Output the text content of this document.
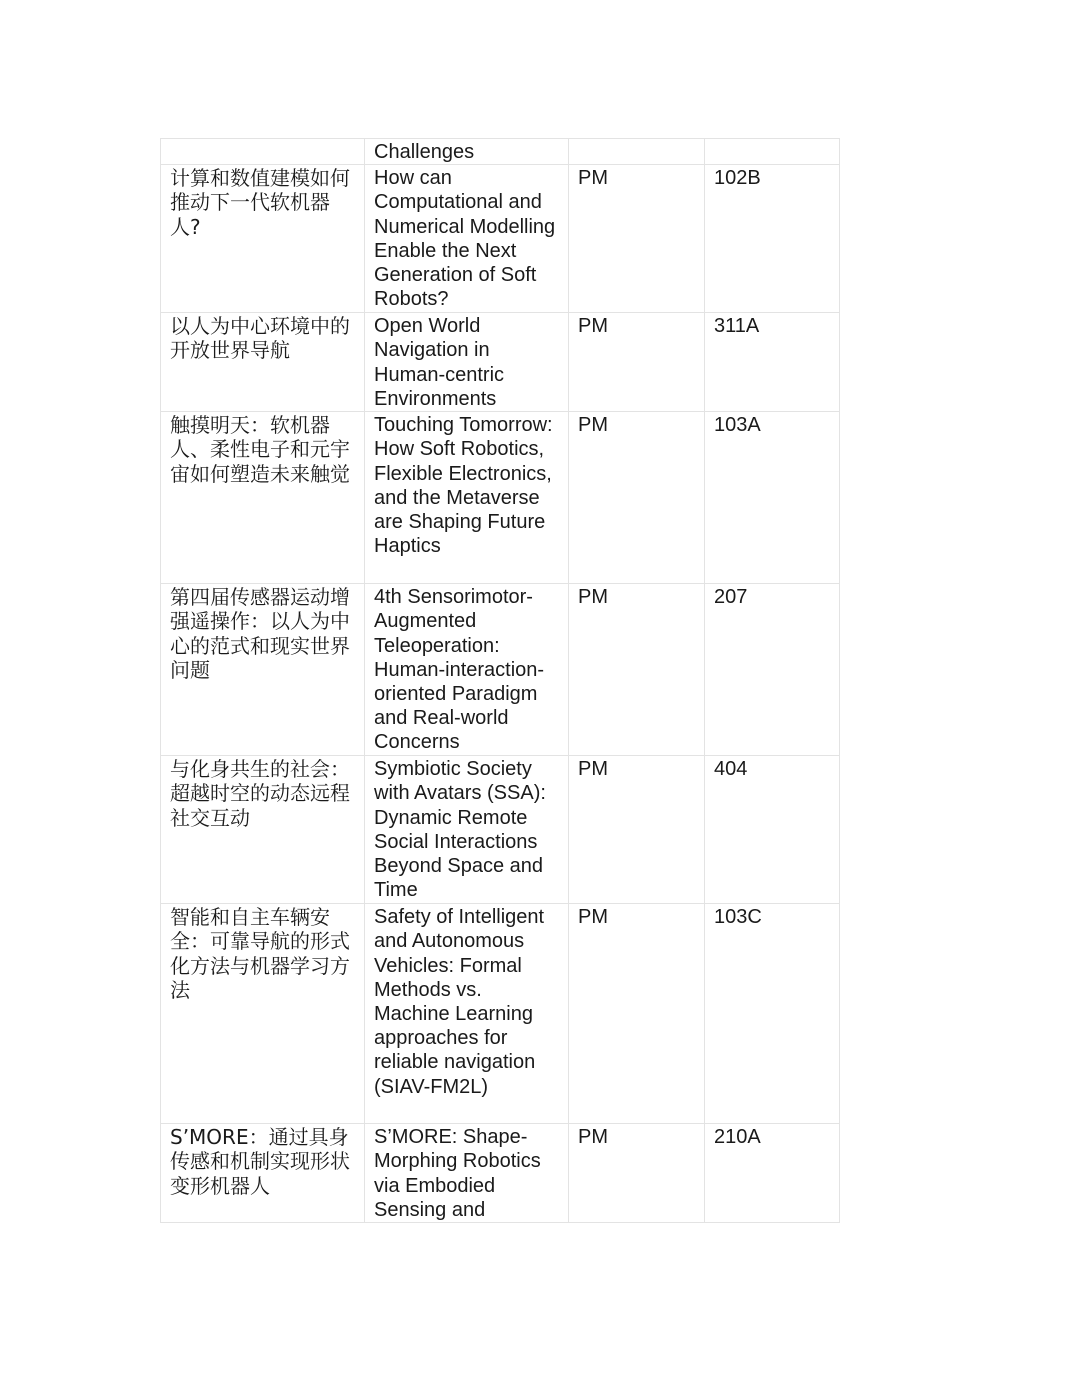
	Challenges		
计算和数值建模如何推动下一代软机器人?	How can Computational and Numerical Modelling Enable the Next Generation of Soft Robots?	PM	102B
以人为中心环境中的开放世界导航	Open World Navigation in Human-centric Environments	PM	311A
触摸明天：软机器人、柔性电子和元宇宙如何塑造未来触觉	Touching Tomorrow: How Soft Robotics, Flexible Electronics, and the Metaverse are Shaping Future Haptics	PM	103A
第四届传感器运动增强遥操作：以人为中心的范式和现实世界问题	4th Sensorimotor-Augmented Teleoperation: Human-interaction-oriented Paradigm and Real-world Concerns	PM	207
与化身共生的社会：超越时空的动态远程社交互动	Symbiotic Society with Avatars (SSA): Dynamic Remote Social Interactions Beyond Space and Time	PM	404
智能和自主车辆安全：可靠导航的形式化方法与机器学习方法	Safety of Intelligent and Autonomous Vehicles: Formal Methods vs. Machine Learning approaches for reliable navigation (SIAV-FM2L)	PM	103C
S’MORE：通过具身传感和机制实现形状变形机器人	S’MORE: Shape-Morphing Robotics via Embodied Sensing and	PM	210A
